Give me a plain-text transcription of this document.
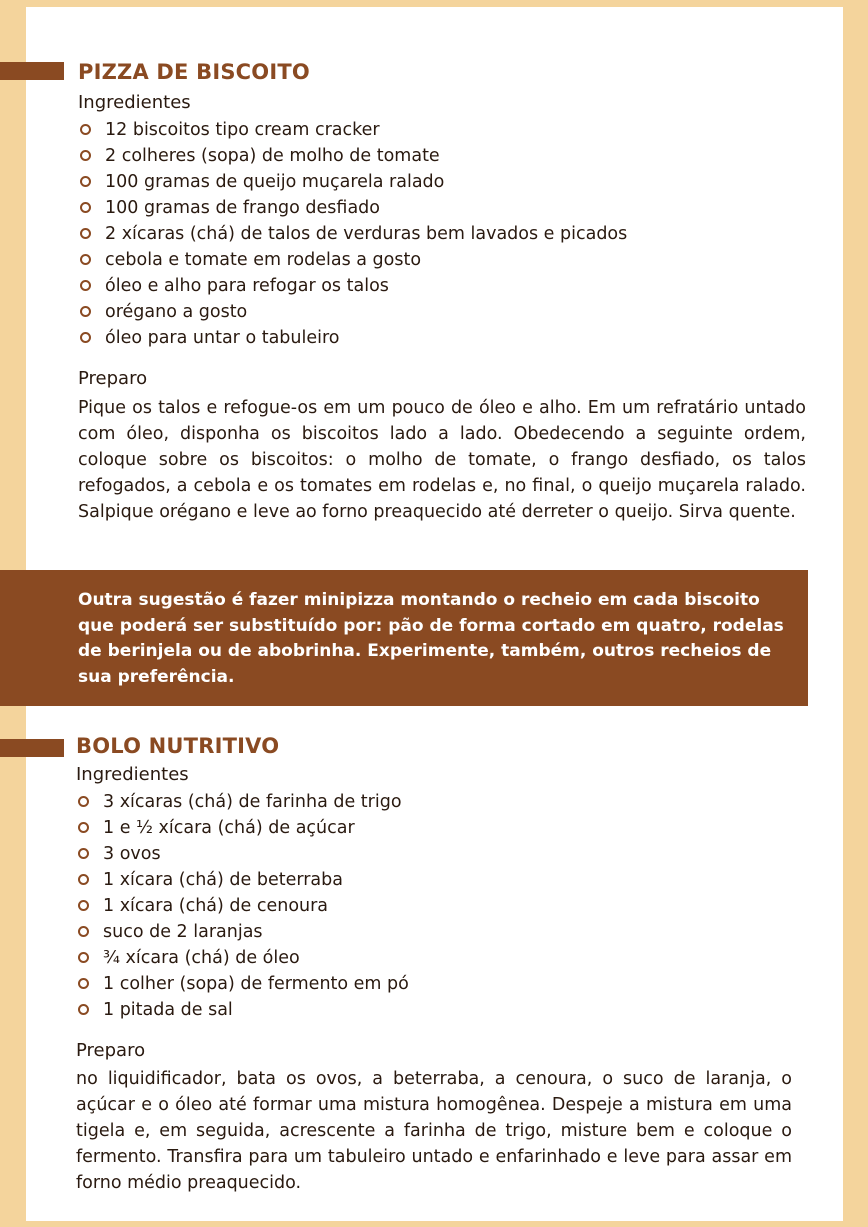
PIZZA DE BISCOITO
Ingredientes
12 biscoitos tipo cream cracker
2 colheres (sopa) de molho de tomate
100 gramas de queijo muçarela ralado
100 gramas de frango desfiado
2 xícaras (chá) de talos de verduras bem lavados e picados
cebola e tomate em rodelas a gosto
óleo e alho para refogar os talos
orégano a gosto
óleo para untar o tabuleiro
Preparo

Pique os talos e refogue-os em um pouco de óleo e alho. Em um refratário untado com óleo, disponha os biscoitos lado a lado. Obedecendo a seguinte ordem, coloque sobre os biscoitos: o molho de tomate, o frango desfiado, os talos refogados, a cebola e os tomates em rodelas e, no final, o queijo muçarela ralado. Salpique orégano e leve ao forno preaquecido até derreter o queijo. Sirva quente.

Outra sugestão é fazer minipizza montando o recheio em cada biscoito que poderá ser substituído por: pão de forma cortado em quatro, rodelas de berinjela ou de abobrinha. Experimente, também, outros recheios de sua preferência.

BOLO NUTRITIVO
Ingredientes
3 xícaras (chá) de farinha de trigo
1 e ½ xícara (chá) de açúcar
3 ovos
1 xícara (chá) de beterraba
1 xícara (chá) de cenoura
suco de 2 laranjas
¾ xícara (chá) de óleo
1 colher (sopa) de fermento em pó
1 pitada de sal
Preparo

no liquidificador, bata os ovos, a beterraba, a cenoura, o suco de laranja, o açúcar e o óleo até formar uma mistura homogênea. Despeje a mistura em uma tigela e, em seguida, acrescente a farinha de trigo, misture bem e coloque o fermento. Transfira para um tabuleiro untado e enfarinhado e leve para assar em forno médio preaquecido.
